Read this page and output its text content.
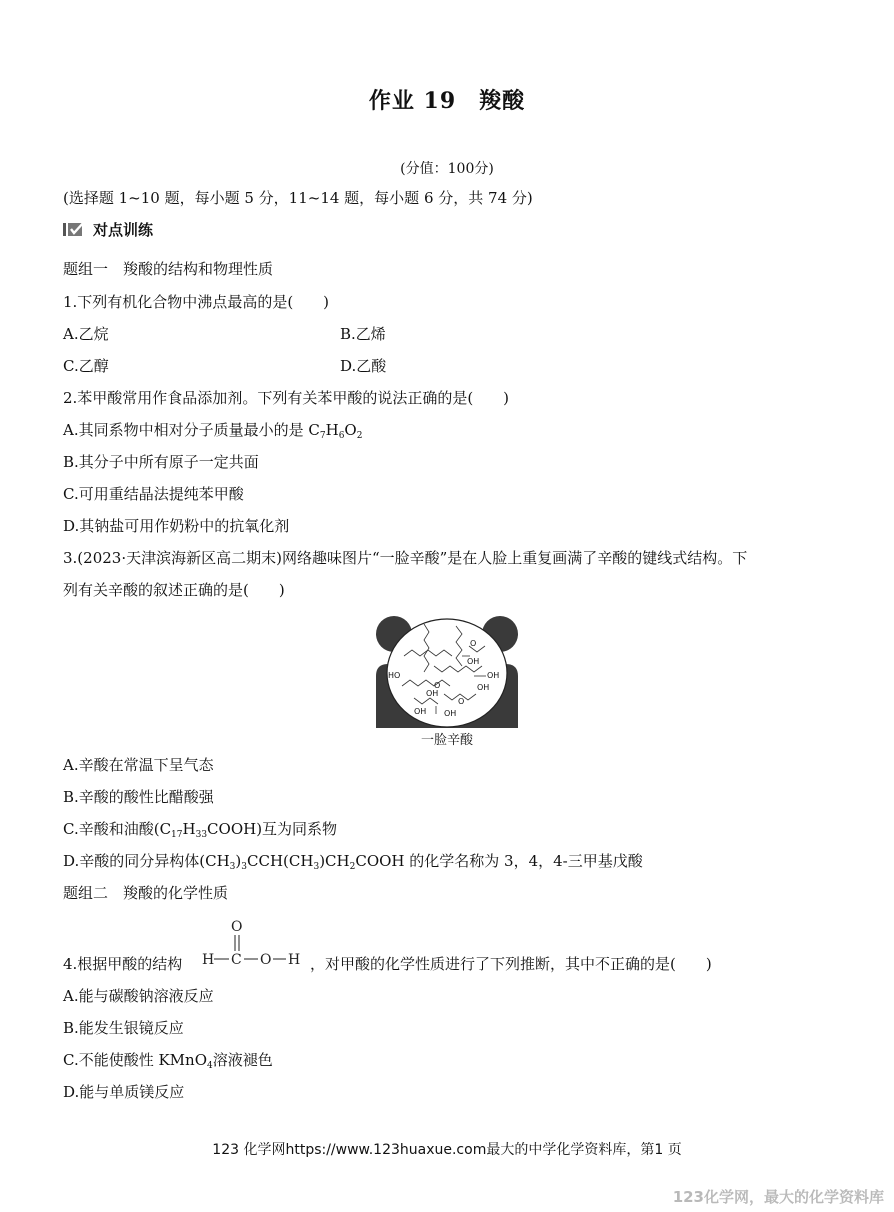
作业 19　羧酸
(分值：100分)
(选择题 1~10 题，每小题 5 分，11~14 题，每小题 6 分，共 74 分)
对点训练
题组一　羧酸的结构和物理性质
1.下列有机化合物中沸点最高的是(　　)
A.乙烷	B.乙烯
C.乙醇	D.乙酸
2.苯甲酸常用作食品添加剂。下列有关苯甲酸的说法正确的是(　　)
A.其同系物中相对分子质量最小的是 $C_7H_6O_2$
B.其分子中所有原子一定共面
C.可用重结晶法提纯苯甲酸
D.其钠盐可用作奶粉中的抗氧化剂
3.(2023·天津滨海新区高二期末)网络趣味图片“一脸辛酸”是在人脸上重复画满了辛酸的键线式结构。下
列有关辛酸的叙述正确的是(　　)
HO
OH
OH
OH
OH
OH OH
O
O
O
一脸辛酸
A.辛酸在常温下呈气态
B.辛酸的酸性比醋酸强
C.辛酸和油酸$(C_{17}H_{33}COOH)$互为同系物
D.辛酸的同分异构体$(CH_3)_3CCH(CH_3)CH_2COOH$ 的化学名称为 3，4，4-三甲基戊酸
题组二　羧酸的化学性质
4.根据甲酸的结构
O
H C O H ，对甲酸的化学性质进行了下列推断，其中不正确的是(　　)
A.能与碳酸钠溶液反应
B.能发生银镜反应
C.不能使酸性 KMnO$_4$溶液褪色
D.能与单质镁反应
123 化学网https://www.123huaxue.com最大的中学化学资料库，第1 页
123化学网，最大的化学资料库
